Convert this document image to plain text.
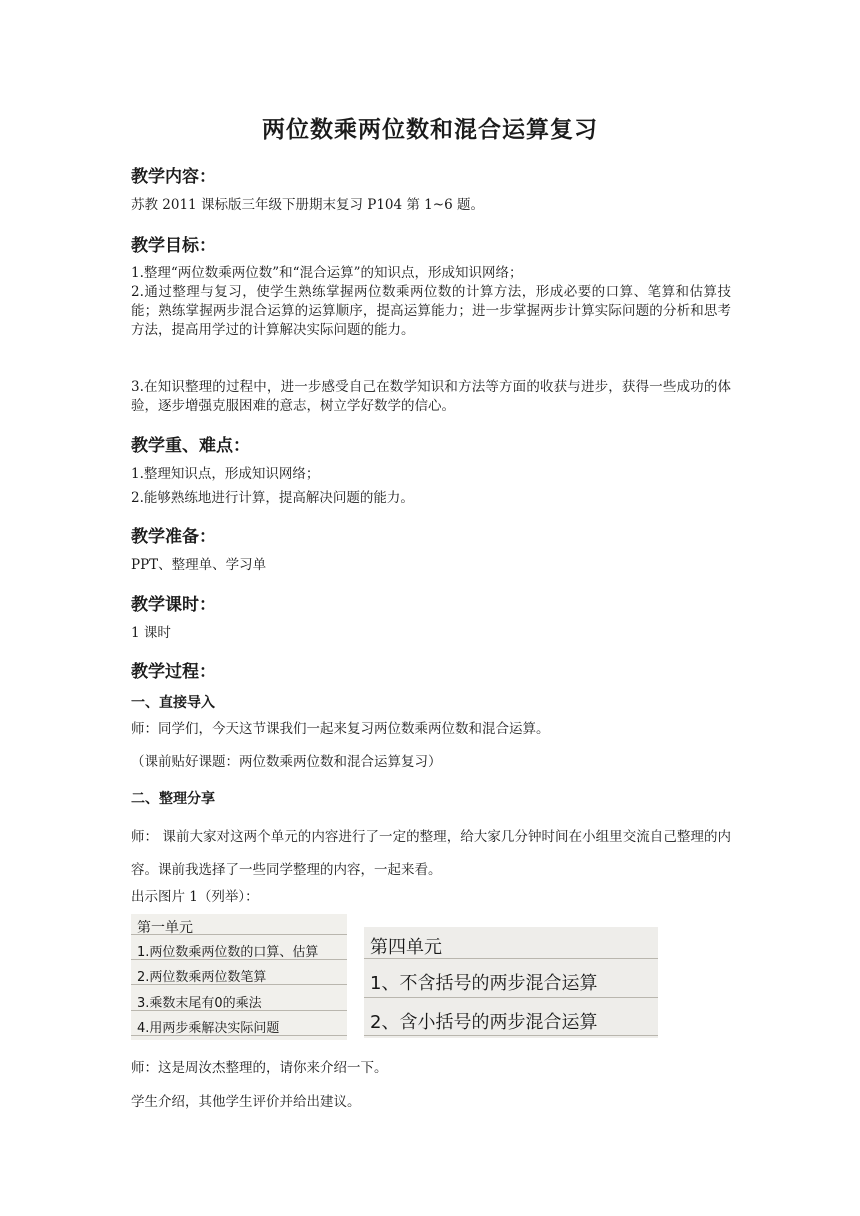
两位数乘两位数和混合运算复习
教学内容：
苏教 2011 课标版三年级下册期末复习 P104 第 1~6 题。
教学目标：
1.整理“两位数乘两位数”和“混合运算”的知识点，形成知识网络；
2.通过整理与复习，使学生熟练掌握两位数乘两位数的计算方法，形成必要的口算、笔算和估算技能；熟练掌握两步混合运算的运算顺序，提高运算能力；进一步掌握两步计算实际问题的分析和思考方法，提高用学过的计算解决实际问题的能力。
3.在知识整理的过程中，进一步感受自己在数学知识和方法等方面的收获与进步，获得一些成功的体验，逐步增强克服困难的意志，树立学好数学的信心。
教学重、难点：
1.整理知识点，形成知识网络；
2.能够熟练地进行计算，提高解决问题的能力。
教学准备：
PPT、整理单、学习单
教学课时：
1 课时
教学过程：
一、直接导入
师：同学们，今天这节课我们一起来复习两位数乘两位数和混合运算。
（课前贴好课题：两位数乘两位数和混合运算复习）
二、整理分享
师： 课前大家对这两个单元的内容进行了一定的整理，给大家几分钟时间在小组里交流自己整理的内容。课前我选择了一些同学整理的内容，一起来看。
出示图片 1（列举）：
第一单元
1.两位数乘两位数的口算、估算
2.两位数乘两位数笔算
3.乘数末尾有0的乘法
4.用两步乘解决实际问题
第四单元
1、不含括号的两步混合运算
2、含小括号的两步混合运算
师：这是周汝杰整理的，请你来介绍一下。
学生介绍，其他学生评价并给出建议。
